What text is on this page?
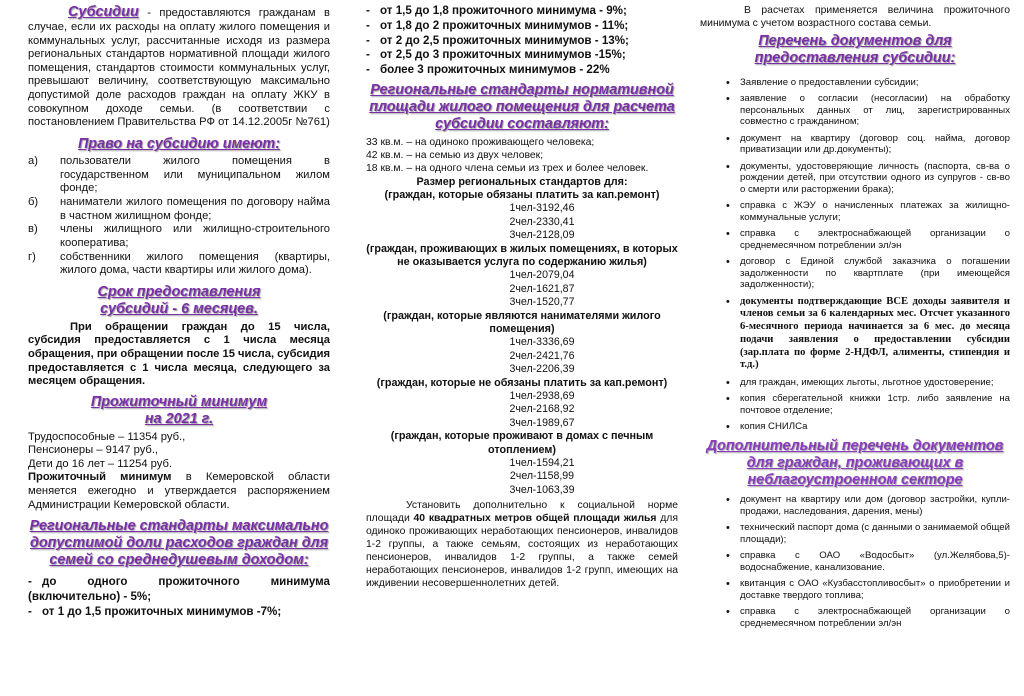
Субсидии - предоставляются гражданам в случае, если их расходы на оплату жилого помещения и коммунальных услуг, рассчитанные исходя из размера региональных стандартов нормативной площади жилого помещения, стандартов стоимости коммунальных услуг, превышают величину, соответствующую максимально допустимой доле расходов граждан на оплату ЖКУ в совокупном доходе семьи. (в соответствии с постановлением Правительства РФ от 14.12.2005г №761)

Право на субсидию имеют:
а)	пользователи жилого помещения в государственном или муниципальном жилом фонде;
б)	наниматели жилого помещения по договору найма в частном жилищном фонде;
в)	члены жилищного или жилищно-строительного кооператива;
г)	собственники жилого помещения (квартиры, жилого дома, части квартиры или жилого дома).
Срок предоставления
субсидий - 6 месяцев.

При обращении граждан до 15 числа, субсидия предоставляется с 1 числа месяца обращения, при обращении после 15 числа, субсидия предоставляется с 1 числа месяца, следующего за месяцем обращения.

Прожиточный минимум
на 2021 г.
Трудоспособные – 11354 руб.,
Пенсионеры – 9147 руб.,
Дети до 16 лет – 11254 руб.

Прожиточный минимум в Кемеровской области меняется ежегодно и утверждается распоряжением Администрации Кемеровской области.

Региональные стандарты максимально допустимой доли расходов граждан для семей со среднедушевым доходом:
- до одного прожиточного минимума (включительно) - 5%;
- от 1 до 1,5 прожиточных минимумов -7%;
- от 1,5 до 1,8 прожиточного минимума - 9%;
- от 1,8 до 2 прожиточных минимумов - 11%;
- от 2 до 2,5 прожиточных минимумов - 13%;
- от 2,5 до 3 прожиточных минимумов -15%;
- более 3 прожиточных минимумов - 22%
Региональные стандарты нормативной площади жилого помещения для расчета субсидии составляют:
33 кв.м. – на одиноко проживающего человека;
42 кв.м. – на семью из двух человек;
18 кв.м. – на одного члена семьи из трех и более человек.
Размер региональных стандартов для:
(граждан, которые обязаны платить за кап.ремонт)
1чел-3192,46
2чел-2330,41
3чел-2128,09
(граждан, проживающих в жилых помещениях, в которых не оказывается услуга по содержанию жилья)
1чел-2079,04
2чел-1621,87
3чел-1520,77
(граждан, которые являются нанимателями жилого помещения)
1чел-3336,69
2чел-2421,76
3чел-2206,39
(граждан, которые не обязаны платить за кап.ремонт)
1чел-2938,69
2чел-2168,92
3чел-1989,67
(граждан, которые проживают в домах с печным отоплением)
1чел-1594,21
2чел-1158,99
3чел-1063,39

Установить дополнительно к социальной норме площади 40 квадратных метров общей площади жилья для одиноко проживающих неработающих пенсионеров, инвалидов 1-2 группы, а также семьям, состоящих из неработающих пенсионеров, инвалидов 1-2 группы, а также семей неработающих пенсионеров, инвалидов 1-2 групп, имеющих на иждивении несовершеннолетних детей.

В расчетах применяется величина прожиточного минимума с учетом возрастного состава семьи.

Перечень документов для предоставления субсидии:
• Заявление о предоставлении субсидии;
• заявление о согласии (несогласии) на обработку персональных данных от лиц, зарегистрированных совместно с гражданином;
• документ на квартиру (договор соц. найма, договор приватизации или др.документы);
• документы, удостоверяющие личность (паспорта, св-ва о рождении детей, при отсутствии одного из супругов - св-во о смерти или расторжении брака);
• справка с ЖЭУ о начисленных платежах за жилищно-коммунальные услуги;
• справка с электроснабжающей организации о среднемесячном потреблении эл/эн
• договор с Единой службой заказчика о погашении задолженности по квартплате (при имеющейся задолженности);
• документы подтверждающие ВСЕ доходы заявителя и членов семьи за 6 календарных мес. Отсчет указанного 6-месячного периода начинается за 6 мес. до месяца подачи заявления о предоставлении субсидии (зар.плата по форме 2-НДФЛ, алименты, стипендия и т.д.)
• для граждан, имеющих льготы, льготное удостоверение;
• копия сберегательной книжки 1стр. либо заявление на почтовое отделение;
• копия СНИЛСа
Дополнительный перечень документов для граждан, проживающих в неблагоустроенном секторе
• документ на квартиру или дом (договор застройки, купли-продажи, наследования, дарения, мены)
• технический паспорт дома (с данными о занимаемой общей площади);
• справка с ОАО «Водосбыт» (ул.Желябова,5)- водоснабжение, канализование.
• квитанция с ОАО «Кузбасстопливосбыт» о приобретении и доставке твердого топлива;
• справка с электроснабжающей организации о среднемесячном потреблении эл/эн
